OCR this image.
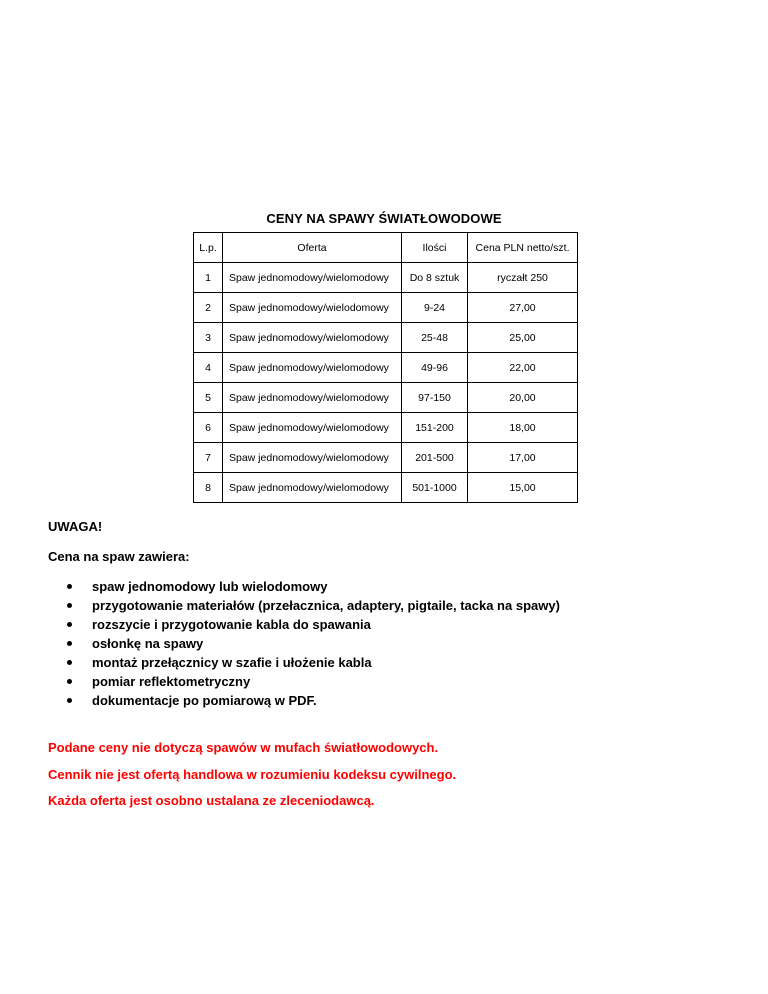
CENY NA SPAWY ŚWIATŁOWODOWE
L.p.	Oferta	Ilości	Cena PLN netto/szt.
1	Spaw jednomodowy/wielomodowy	Do 8 sztuk	ryczałt 250
2	Spaw jednomodowy/wielodomowy	9-24	27,00
3	Spaw jednomodowy/wielomodowy	25-48	25,00
4	Spaw jednomodowy/wielomodowy	49-96	22,00
5	Spaw jednomodowy/wielomodowy	97-150	20,00
6	Spaw jednomodowy/wielomodowy	151-200	18,00
7	Spaw jednomodowy/wielomodowy	201-500	17,00
8	Spaw jednomodowy/wielomodowy	501-1000	15,00
UWAGA!
Cena na spaw zawiera:
spaw jednomodowy lub wielodomowy
przygotowanie materiałów (przełacznica, adaptery, pigtaile, tacka na spawy)
rozszycie i przygotowanie kabla do spawania
osłonkę na spawy
montaż przełącznicy w szafie i ułożenie kabla
pomiar reflektometryczny
dokumentacje po pomiarową w PDF.
Podane ceny nie dotyczą spawów w mufach światłowodowych.
Cennik nie jest ofertą handlowa w rozumieniu kodeksu cywilnego.
Każda oferta jest osobno ustalana ze zleceniodawcą.
